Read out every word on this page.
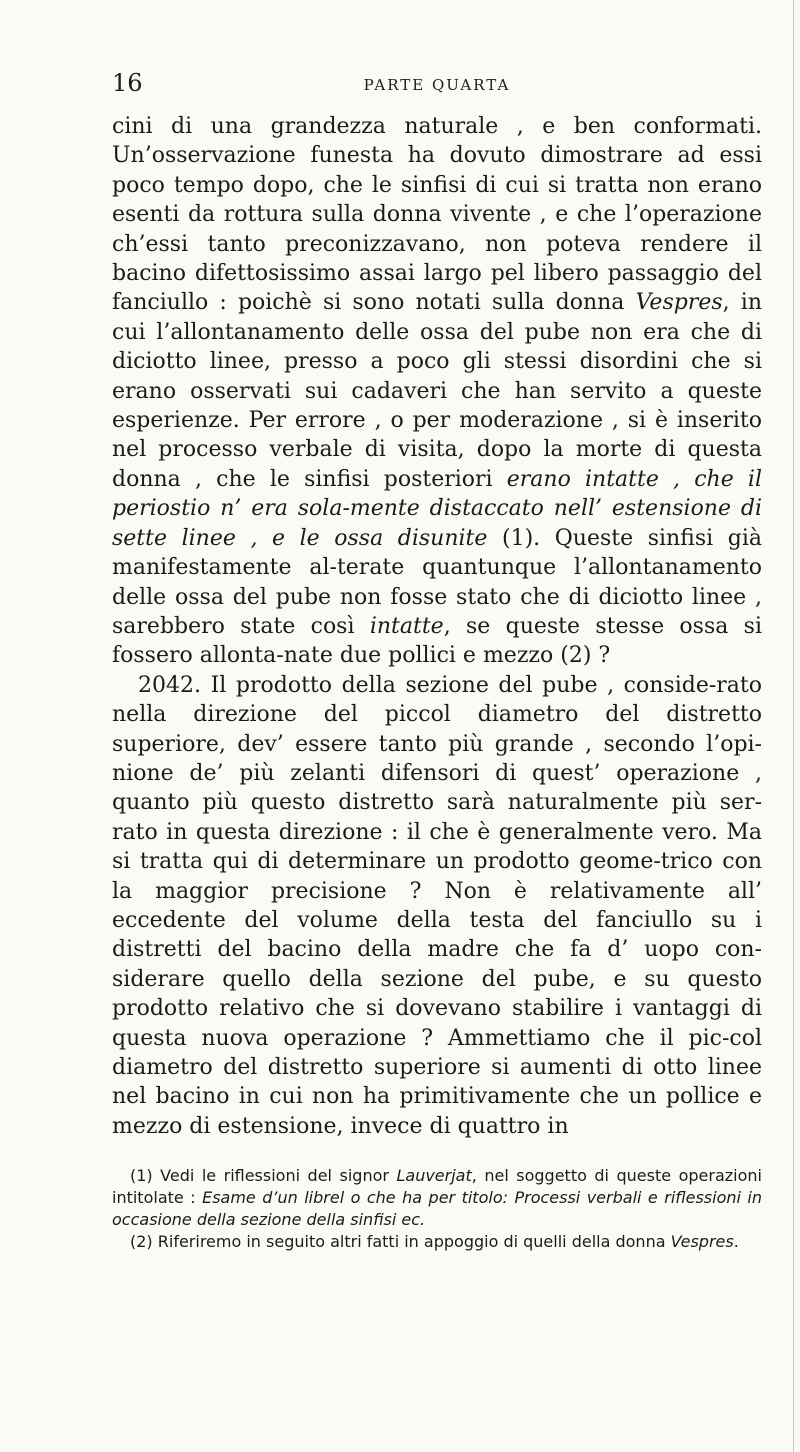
16	PARTE QUARTA

cini di una grandezza naturale , e ben conformati. Un’osservazione funesta ha dovuto dimostrare ad essi poco tempo dopo, che le sinfisi di cui si tratta non erano esenti da rottura sulla donna vivente , e che l’operazione ch’essi tanto preconizzavano, non poteva rendere il bacino difettosissimo assai largo pel libero passaggio del fanciullo : poichè si sono notati sulla donna Vespres, in cui l’allontanamento delle ossa del pube non era che di diciotto linee, presso a poco gli stessi disordini che si erano osservati sui cadaveri che han servito a queste esperienze. Per errore , o per moderazione , si è inserito nel processo verbale di visita, dopo la morte di questa donna , che le sinfisi posteriori erano intatte , che il periostio n’ era sola-mente distaccato nell’ estensione di sette linee , e le ossa disunite (1). Queste sinfisi già manifestamente al-terate quantunque l’allontanamento delle ossa del pube non fosse stato che di diciotto linee , sarebbero state così intatte, se queste stesse ossa si fossero allonta-nate due pollici e mezzo (2) ?

2042. Il prodotto della sezione del pube , conside-rato nella direzione del piccol diametro del distretto superiore, dev’ essere tanto più grande , secondo l’opi-nione de’ più zelanti difensori di quest’ operazione , quanto più questo distretto sarà naturalmente più ser-rato in questa direzione : il che è generalmente vero. Ma si tratta qui di determinare un prodotto geome-trico con la maggior precisione ? Non è relativamente all’ eccedente del volume della testa del fanciullo su i distretti del bacino della madre che fa d’ uopo con-siderare quello della sezione del pube, e su questo prodotto relativo che si dovevano stabilire i vantaggi di questa nuova operazione ? Ammettiamo che il pic-col diametro del distretto superiore si aumenti di otto linee nel bacino in cui non ha primitivamente che un pollice e mezzo di estensione, invece di quattro in

(1) Vedi le riflessioni del signor Lauverjat, nel soggetto di queste operazioni intitolate : Esame d’un librel o che ha per titolo: Processi verbali e riflessioni in occasione della sezione della sinfisi ec.

(2) Riferiremo in seguito altri fatti in appoggio di quelli della donna Vespres.
